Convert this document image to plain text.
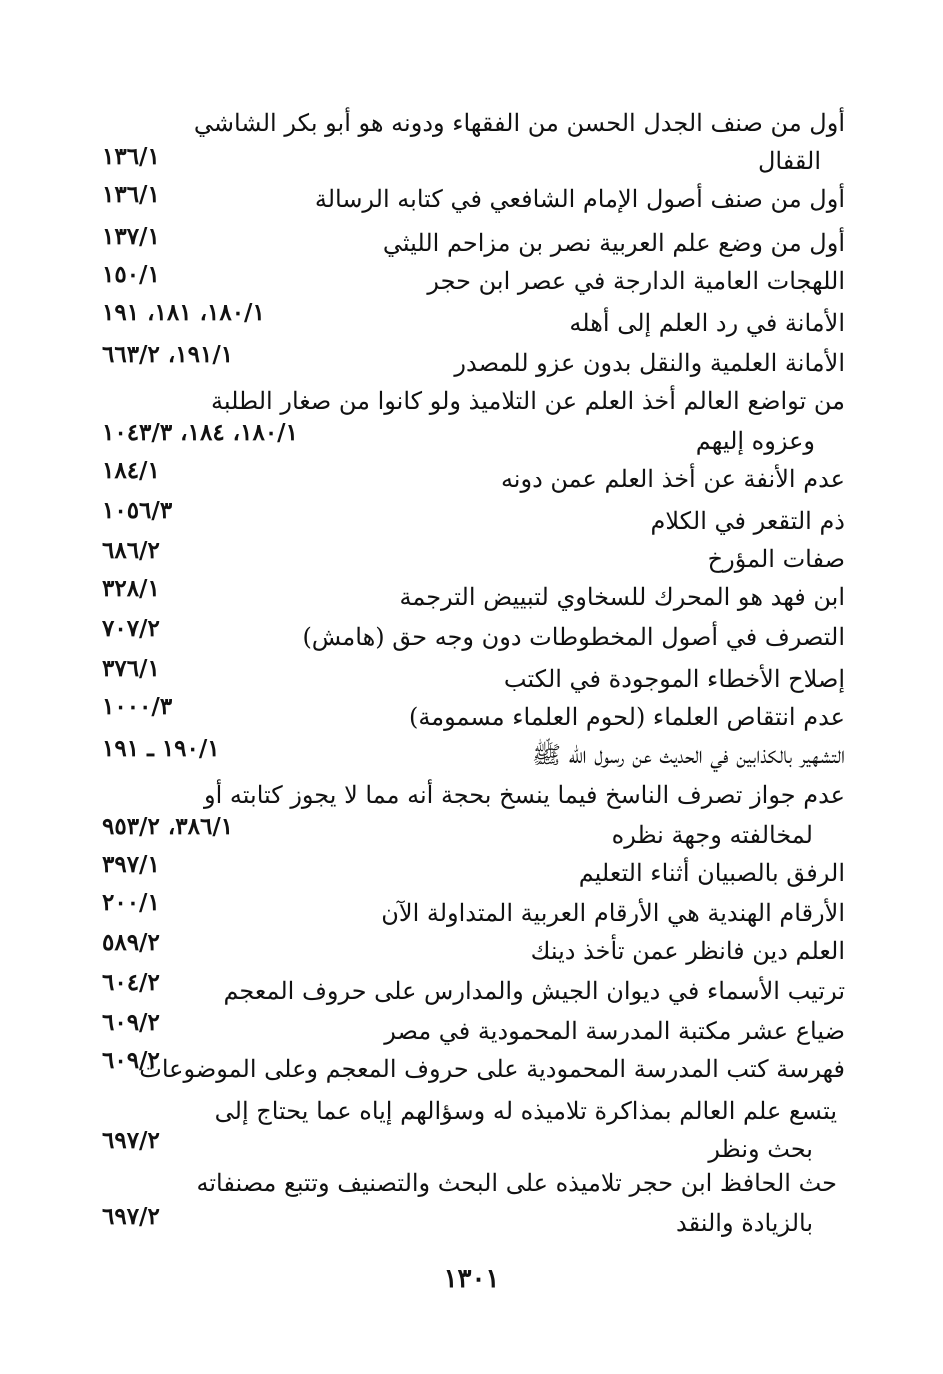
أول من صنف الجدل الحسن من الفقهاء ودونه هو أبو بكر الشاشي
القفال
١٣٦/١
أول من صنف أصول الإمام الشافعي في كتابه الرسالة
١٣٦/١
أول من وضع علم العربية نصر بن مزاحم الليثي
١٣٧/١
اللهجات العامية الدارجة في عصر ابن حجر
١٥٠/١
الأمانة في رد العلم إلى أهله
١٨٠/١، ١٨١، ١٩١
الأمانة العلمية والنقل بدون عزو للمصدر
١٩١/١، ٦٦٣/٢
من تواضع العالم أخذ العلم عن التلاميذ ولو كانوا من صغار الطلبة
وعزوه إليهم
١٨٠/١، ١٨٤، ١٠٤٣/٣
عدم الأنفة عن أخذ العلم عمن دونه
١٨٤/١
ذم التقعر في الكلام
١٠٥٦/٣
صفات المؤرخ
٦٨٦/٢
ابن فهد هو المحرك للسخاوي لتبييض الترجمة
٣٢٨/١
التصرف في أصول المخطوطات دون وجه حق (هامش)
٧٠٧/٢
إصلاح الأخطاء الموجودة في الكتب
٣٧٦/١
عدم انتقاص العلماء (لحوم العلماء مسمومة)
١٠٠٠/٣
التشهير بالكذابين في الحديث عن رسول الله ﷺ
١٩٠/١ ـ ١٩١
عدم جواز تصرف الناسخ فيما ينسخ بحجة أنه مما لا يجوز كتابته أو
لمخالفته وجهة نظره
٣٨٦/١، ٩٥٣/٢
الرفق بالصبيان أثناء التعليم
٣٩٧/١
الأرقام الهندية هي الأرقام العربية المتداولة الآن
٢٠٠/١
العلم دين فانظر عمن تأخذ دينك
٥٨٩/٢
ترتيب الأسماء في ديوان الجيش والمدارس على حروف المعجم
٦٠٤/٢
ضياع عشر مكتبة المدرسة المحمودية في مصر
٦٠٩/٢
فهرسة كتب المدرسة المحمودية على حروف المعجم وعلى الموضوعات
٦٠٩/٢
يتسع علم العالم بمذاكرة تلاميذه له وسؤالهم إياه عما يحتاج إلى
بحث ونظر
٦٩٧/٢
حث الحافظ ابن حجر تلاميذه على البحث والتصنيف وتتبع مصنفاته
بالزيادة والنقد
٦٩٧/٢
١٣٠١
